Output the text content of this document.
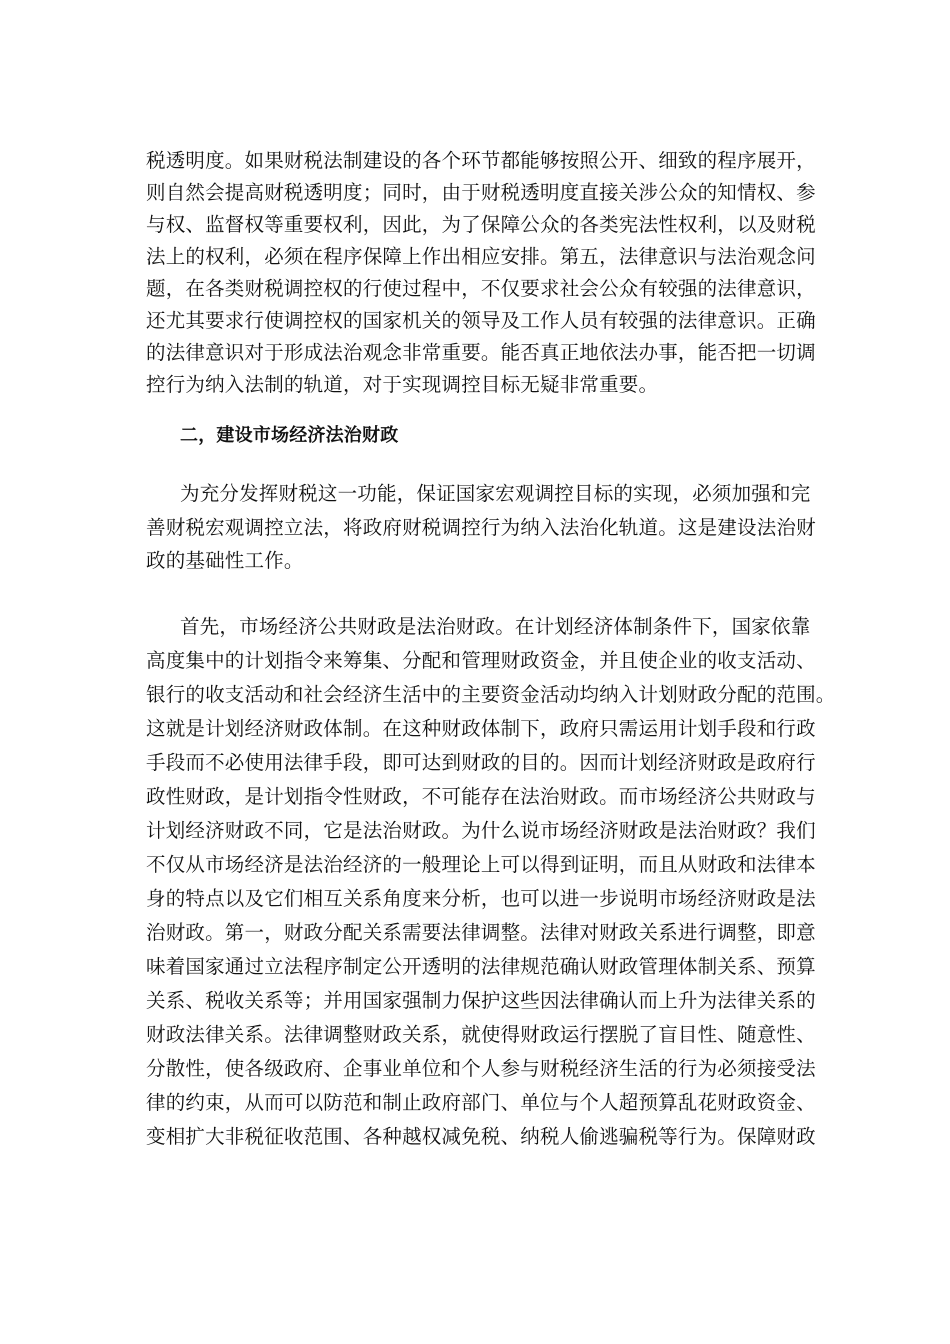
税透明度。如果财税法制建设的各个环节都能够按照公开、细致的程序展开，
则自然会提高财税透明度；同时，由于财税透明度直接关涉公众的知情权、参
与权、监督权等重要权利，因此，为了保障公众的各类宪法性权利，以及财税
法上的权利，必须在程序保障上作出相应安排。第五，法律意识与法治观念问
题，在各类财税调控权的行使过程中，不仅要求社会公众有较强的法律意识，
还尤其要求行使调控权的国家机关的领导及工作人员有较强的法律意识。正确
的法律意识对于形成法治观念非常重要。能否真正地依法办事，能否把一切调
控行为纳入法制的轨道，对于实现调控目标无疑非常重要。
二，建设市场经济法治财政
为充分发挥财税这一功能，保证国家宏观调控目标的实现，必须加强和完
善财税宏观调控立法，将政府财税调控行为纳入法治化轨道。这是建设法治财
政的基础性工作。
首先，市场经济公共财政是法治财政。在计划经济体制条件下，国家依靠
高度集中的计划指令来筹集、分配和管理财政资金，并且使企业的收支活动、
银行的收支活动和社会经济生活中的主要资金活动均纳入计划财政分配的范围。
这就是计划经济财政体制。在这种财政体制下，政府只需运用计划手段和行政
手段而不必使用法律手段，即可达到财政的目的。因而计划经济财政是政府行
政性财政，是计划指令性财政，不可能存在法治财政。而市场经济公共财政与
计划经济财政不同，它是法治财政。为什么说市场经济财政是法治财政？我们
不仅从市场经济是法治经济的一般理论上可以得到证明，而且从财政和法律本
身的特点以及它们相互关系角度来分析，也可以进一步说明市场经济财政是法
治财政。第一，财政分配关系需要法律调整。法律对财政关系进行调整，即意
味着国家通过立法程序制定公开透明的法律规范确认财政管理体制关系、预算
关系、税收关系等；并用国家强制力保护这些因法律确认而上升为法律关系的
财政法律关系。法律调整财政关系，就使得财政运行摆脱了盲目性、随意性、
分散性，使各级政府、企事业单位和个人参与财税经济生活的行为必须接受法
律的约束，从而可以防范和制止政府部门、单位与个人超预算乱花财政资金、
变相扩大非税征收范围、各种越权减免税、纳税人偷逃骗税等行为。保障财政
